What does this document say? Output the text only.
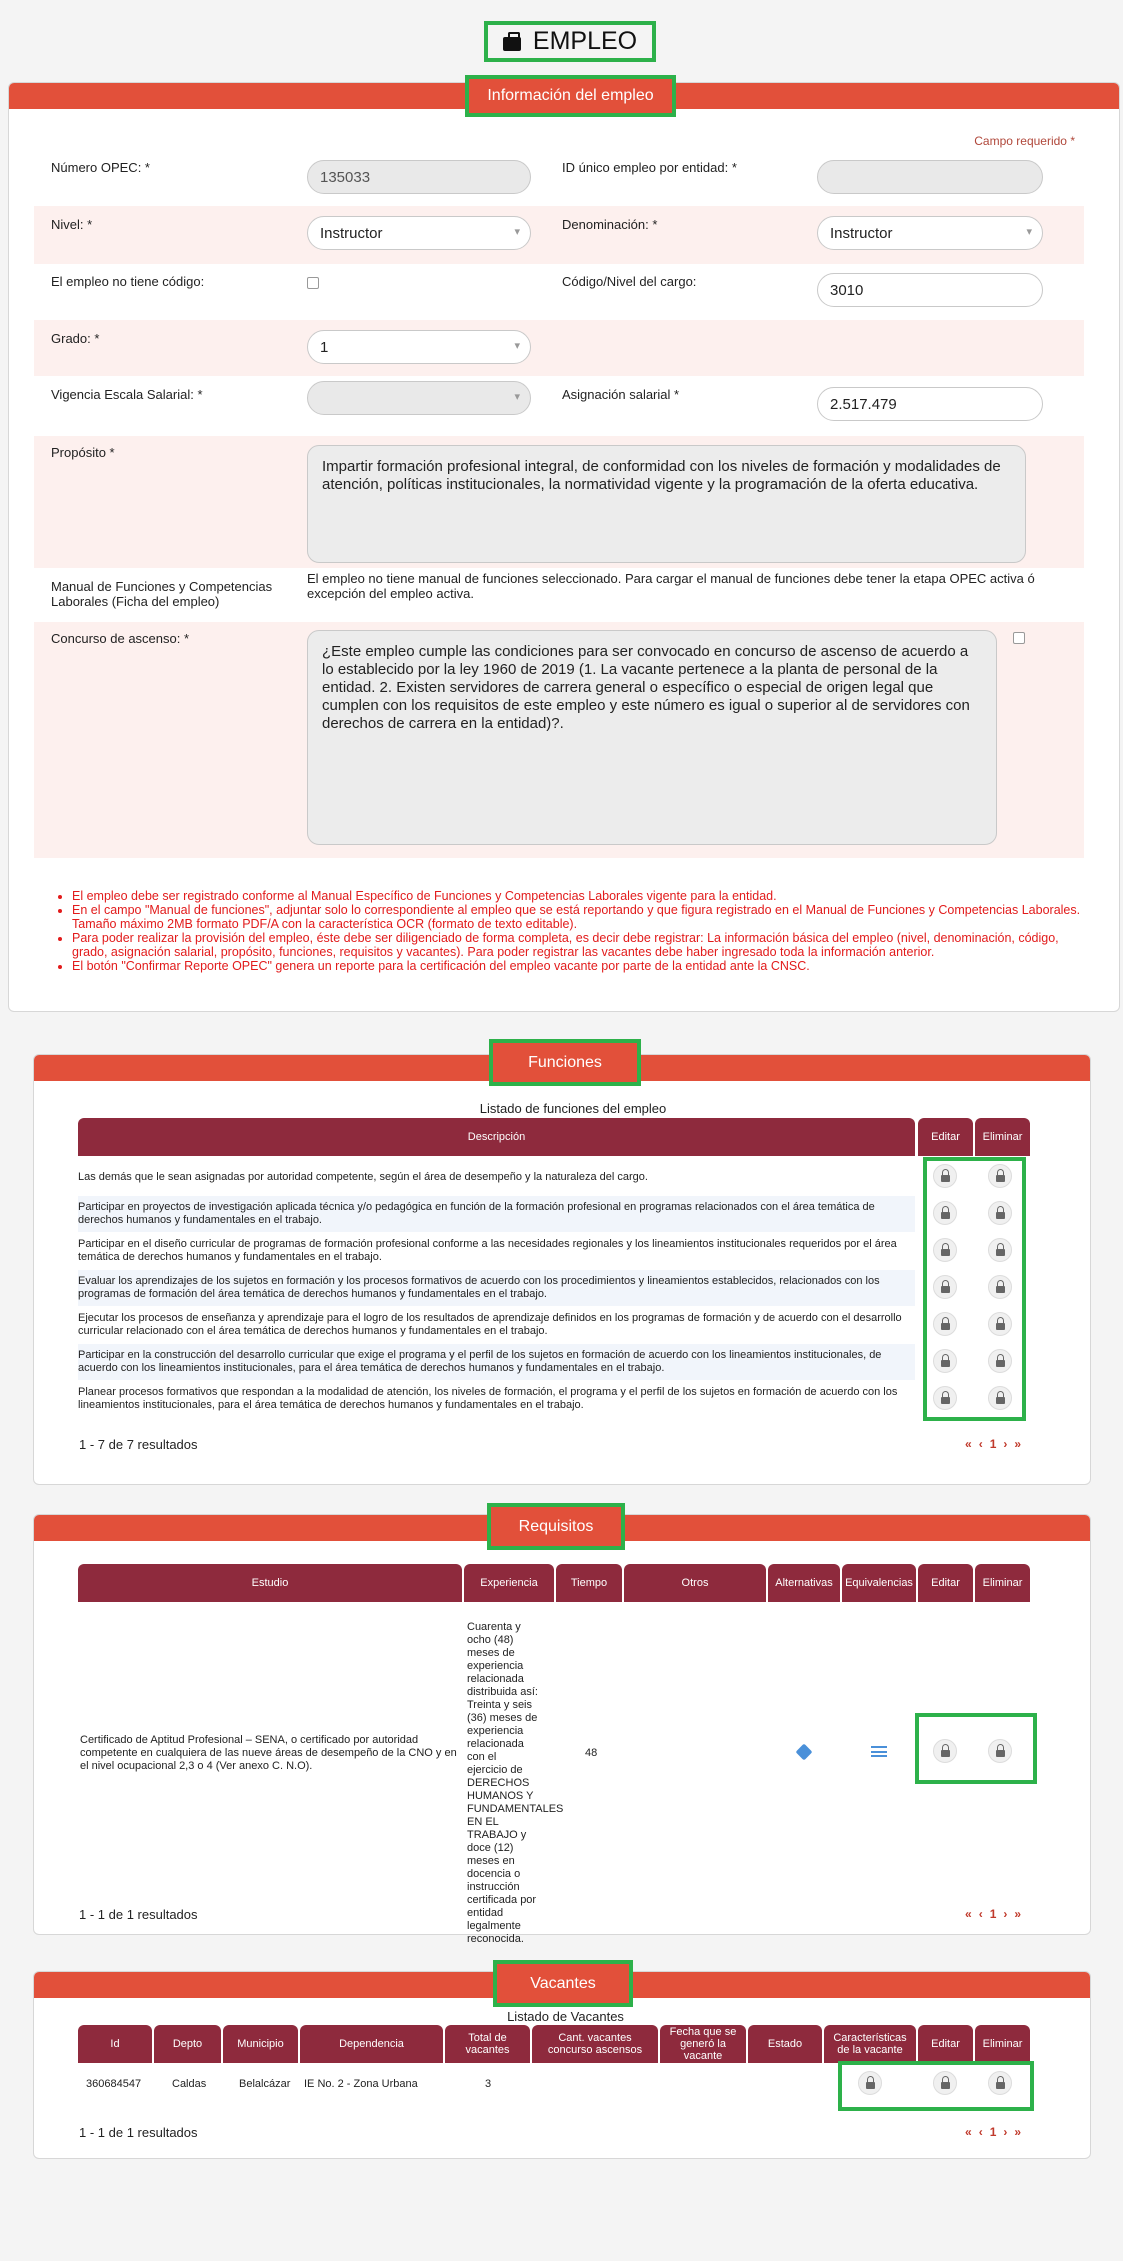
EMPLEO
Información del empleo
Campo requerido *
Número OPEC: *
135033
ID único empleo por entidad: *
Nivel: *	Instructor
▾	Denominación: *	Instructor
▾
El empleo no tiene código:	Código/Nivel del cargo:	3010
Grado: *	1
▾
Vigencia Escala Salarial: *
▾	Asignación salarial *
2.517.479
Propósito *
Impartir formación profesional integral, de conformidad con los niveles de formación y modalidades de atención, políticas institucionales, la normatividad vigente y la programación de la oferta educativa.
Manual de Funciones y Competencias Laborales (Ficha del empleo)
El empleo no tiene manual de funciones seleccionado. Para cargar el manual de funciones debe tener la etapa OPEC activa ó excepción del empleo activa.
Concurso de ascenso: *
¿Este empleo cumple las condiciones para ser convocado en concurso de ascenso de acuerdo a lo establecido por la ley 1960 de 2019 (1. La vacante pertenece a la planta de personal de la entidad. 2. Existen servidores de carrera general o específico o especial de origen legal que cumplen con los requisitos de este empleo y este número es igual o superior al de servidores con derechos de carrera en la entidad)?.
• El empleo debe ser registrado conforme al Manual Específico de Funciones y Competencias Laborales vigente para la entidad.
• En el campo "Manual de funciones", adjuntar solo lo correspondiente al empleo que se está reportando y que figura registrado en el Manual de Funciones y Competencias Laborales. Tamaño máximo 2MB formato PDF/A con la característica OCR (formato de texto editable).
• Para poder realizar la provisión del empleo, éste debe ser diligenciado de forma completa, es decir debe registrar: La información básica del empleo (nivel, denominación, código, grado, asignación salarial, propósito, funciones, requisitos y vacantes). Para poder registrar las vacantes debe haber ingresado toda la información anterior.
• El botón "Confirmar Reporte OPEC" genera un reporte para la certificación del empleo vacante por parte de la entidad ante la CNSC.
Funciones
Listado de funciones del empleo
Descripción	Editar	Eliminar
Las demás que le sean asignadas por autoridad competente, según el área de desempeño y la naturaleza del cargo.
Participar en proyectos de investigación aplicada técnica y/o pedagógica en función de la formación profesional en programas relacionados con el área temática de derechos humanos y fundamentales en el trabajo.
Participar en el diseño curricular de programas de formación profesional conforme a las necesidades regionales y los lineamientos institucionales requeridos por el área temática de derechos humanos y fundamentales en el trabajo.
Evaluar los aprendizajes de los sujetos en formación y los procesos formativos de acuerdo con los procedimientos y lineamientos establecidos, relacionados con los programas de formación del área temática de derechos humanos y fundamentales en el trabajo.
Ejecutar los procesos de enseñanza y aprendizaje para el logro de los resultados de aprendizaje definidos en los programas de formación y de acuerdo con el desarrollo curricular relacionado con el área temática de derechos humanos y fundamentales en el trabajo.
Participar en la construcción del desarrollo curricular que exige el programa y el perfil de los sujetos en formación de acuerdo con los lineamientos institucionales, de acuerdo con los lineamientos institucionales, para el área temática de derechos humanos y fundamentales en el trabajo.
Planear procesos formativos que respondan a la modalidad de atención, los niveles de formación, el programa y el perfil de los sujetos en formación de acuerdo con los lineamientos institucionales, para el área temática de derechos humanos y fundamentales en el trabajo.
1 - 7 de 7 resultados	« ‹ 1 › »
Requisitos
Estudio	Experiencia	Tiempo	Otros	Alternativas	Equivalencias	Editar	Eliminar
Certificado de Aptitud Profesional – SENA, o certificado por autoridad competente en cualquiera de las nueve áreas de desempeño de la CNO y en el nivel ocupacional 2,3 o 4 (Ver anexo C. N.O).
Cuarenta y ocho (48) meses de experiencia relacionada distribuida así: Treinta y seis (36) meses de experiencia relacionada con el ejercicio de DERECHOS HUMANOS Y FUNDAMENTALES EN EL TRABAJO y doce (12) meses en docencia o instrucción certificada por entidad legalmente reconocida.
48
1 - 1 de 1 resultados	« ‹ 1 › »
Vacantes
Listado de Vacantes
Id	Depto	Municipio	Dependencia	Total de vacantes
Cant. vacantes concurso ascensos
Fecha que se generó la vacante
Estado	Características de la vacante	Editar	Eliminar
360684547	Caldas	Belalcázar IE No. 2 - Zona Urbana	3
1 - 1 de 1 resultados	« ‹ 1 › »
